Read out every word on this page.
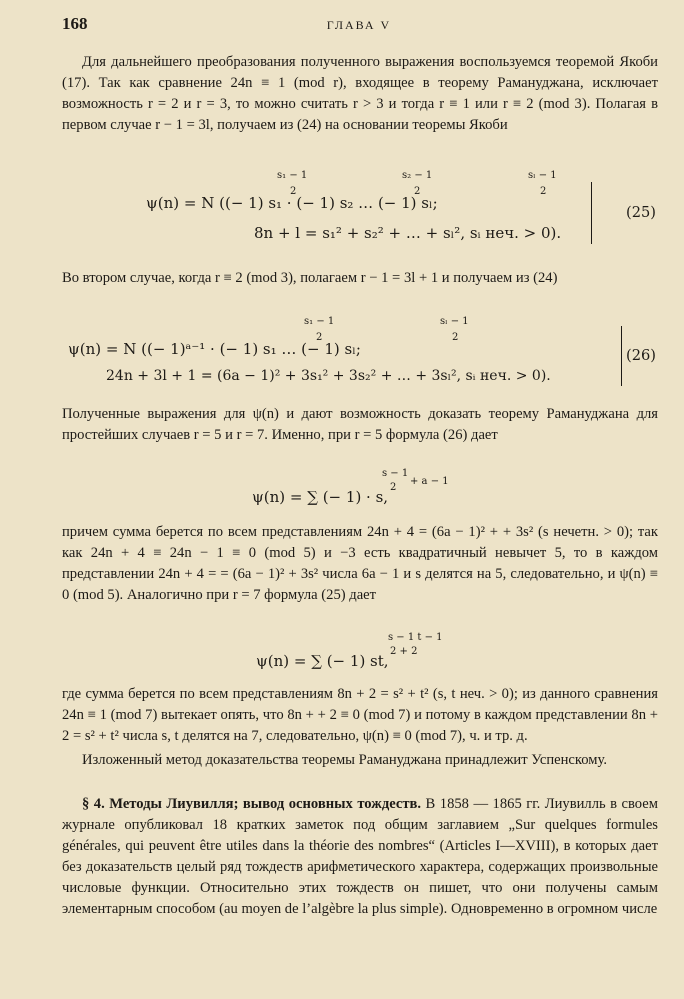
168	ГЛАВА V
Для дальнейшего преобразования полученного выражения воспользуемся теоремой Якоби (17). Так как сравнение 24n ≡ 1 (mod r), входящее в теорему Рамануджана, исключает возможность r = 2 и r = 3, то можно считать r > 3 и тогда r ≡ 1 или r ≡ 2 (mod 3). Полагая в первом случае r − 1 = 3l, получаем из (24) на основании теоремы Якоби
s₁ − 1
2
s₂ − 1
2
sₗ − 1
2
ψ(n) = N ((− 1) s₁ · (− 1) s₂ … (− 1) sₗ;
8n + l = s₁² + s₂² + … + sₗ², sᵢ неч. > 0).
(25)
Во втором случае, когда r ≡ 2 (mod 3), полагаем r − 1 = 3l + 1 и получаем из (24)
s₁ − 1
2
sₗ − 1
2
ψ(n) = N ((− 1)ᵃ⁻¹ · (− 1) s₁ … (− 1) sₗ;
24n + 3l + 1 = (6a − 1)² + 3s₁² + 3s₂² + … + 3sₗ², sᵢ неч. > 0).
(26)
Полученные выражения для ψ(n) и дают возможность доказать теорему Рамануджана для простейших случаев r = 5 и r = 7. Именно, при r = 5 формула (26) дает
s − 1
2
+ a − 1
ψ(n) = ∑ (− 1) · s,
причем сумма берется по всем представлениям 24n + 4 = (6a − 1)² + + 3s² (s нечетн. > 0); так как 24n + 4 ≡ 24n − 1 ≡ 0 (mod 5) и −3 есть квадратичный невычет 5, то в каждом представлении 24n + 4 = = (6a − 1)² + 3s² числа 6a − 1 и s делятся на 5, следовательно, и ψ(n) ≡ 0 (mod 5). Аналогично при r = 7 формула (25) дает
s − 1 t − 1
2 + 2
ψ(n) = ∑ (− 1) st,
где сумма берется по всем представлениям 8n + 2 = s² + t² (s, t неч. > 0); из данного сравнения 24n ≡ 1 (mod 7) вытекает опять, что 8n + + 2 ≡ 0 (mod 7) и потому в каждом представлении 8n + 2 = s² + t² числа s, t делятся на 7, следовательно, ψ(n) ≡ 0 (mod 7), ч. и тр. д.
Изложенный метод доказательства теоремы Рамануджана принадлежит Успенскому.
§ 4. Методы Лиувилля; вывод основных тождеств. В 1858 — 1865 гг. Лиувилль в своем журнале опубликовал 18 кратких заметок под общим заглавием „Sur quelques formules générales, qui peuvent être utiles dans la théorie des nombres“ (Articles I—XVIII), в которых дает без доказательств целый ряд тождеств арифметического характера, содержащих произвольные числовые функции. Относительно этих тождеств он пишет, что они получены самым элементарным способом (au moyen de l’algèbre la plus simple). Одновременно в огромном числе
